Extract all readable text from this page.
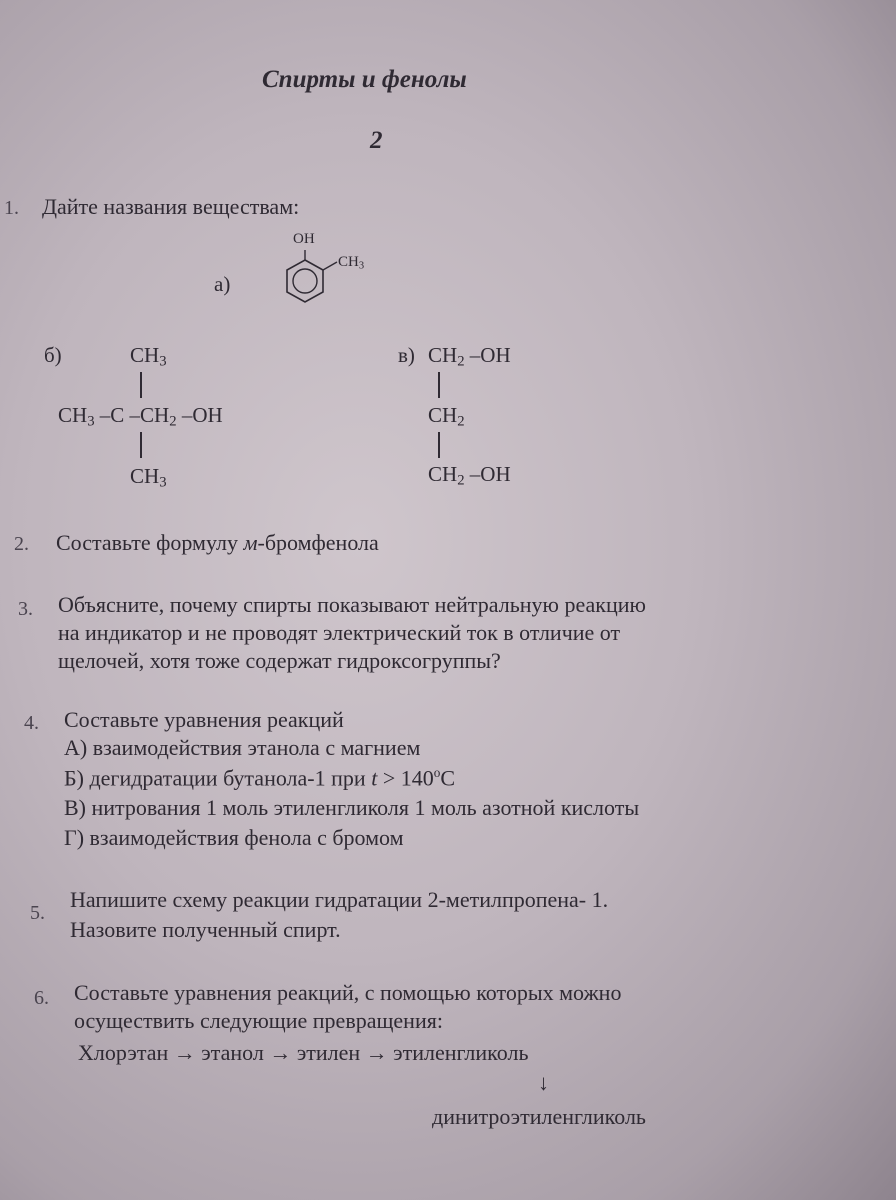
Спирты и фенолы
2
1. Дайте названия веществам:
а)
OH
$CH_3$
б)	$CH_3$
$CH_3$ –C $-CH_2$ –OH
$CH_3$
в) $CH_2$ –OH
$CH_2$
$CH_2$ –OH
2. Составьте формулу м-бромфенола
3. Объясните, почему спирты показывают нейтральную реакцию
на индикатор и не проводят электрический ток в отличие от
щелочей, хотя тоже содержат гидроксогруппы?
4. Составьте уравнения реакций
А) взаимодействия этанола с магнием
Б) дегидратации бутанола-1 при $t > 140^oC$
В) нитрования 1 моль этиленгликоля 1 моль азотной кислоты
Г) взаимодействия фенола с бромом
5.
Напишите схему реакции гидратации 2-метилпропена- 1.
Назовите полученный спирт.
6. Составьте уравнения реакций, с помощью которых можно
осуществить следующие превращения:
Хлорэтан → этанол → этилен → этиленгликоль
↓
динитроэтиленгликоль
